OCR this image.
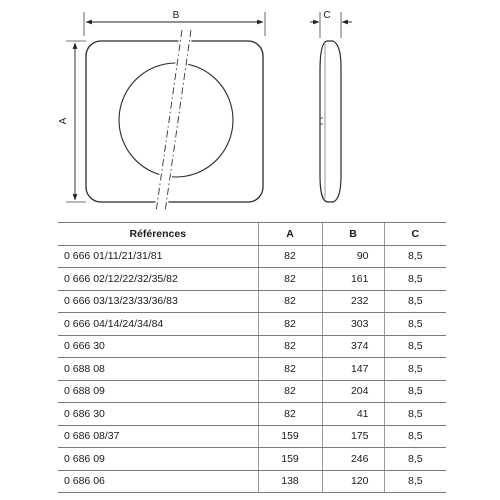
B	C
A
Références	A	B	C
0 666 01/11/21/31/81	82	90	8,5
0 666 02/12/22/32/35/82	82	161	8,5
0 666 03/13/23/33/36/83	82	232	8,5
0 666 04/14/24/34/84	82	303	8,5
0 666 30	82	374	8,5
0 688 08	82	147	8,5
0 688 09	82	204	8,5
0 686 30	82	41	8,5
0 686 08/37	159	175	8,5
0 686 09	159	246	8,5
0 686 06	138	120	8,5
